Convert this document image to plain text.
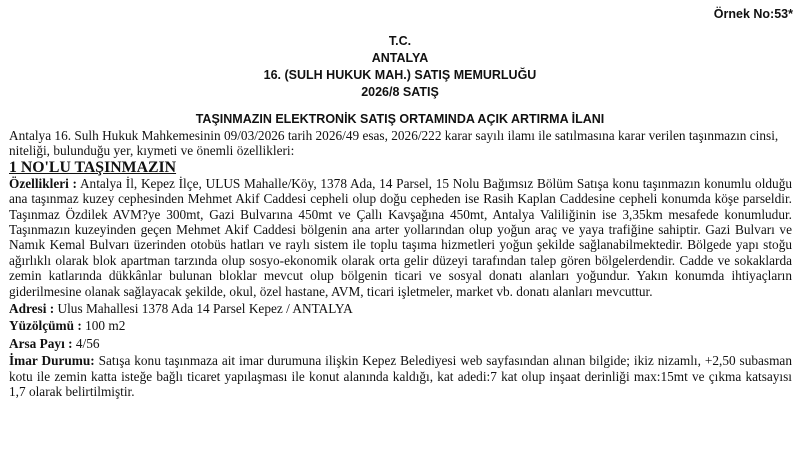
Örnek No:53*
T.C.
ANTALYA
16. (SULH HUKUK MAH.) SATIŞ MEMURLUĞU
2026/8 SATIŞ
TAŞINMAZIN ELEKTRONİK SATIŞ ORTAMINDA AÇIK ARTIRMA İLANI

Antalya 16. Sulh Hukuk Mahkemesinin 09/03/2026 tarih 2026/49 esas, 2026/222 karar sayılı ilamı ile satılmasına karar verilen taşınmazın cinsi, niteliği, bulunduğu yer, kıymeti ve önemli özellikleri:

1 NO'LU TAŞINMAZIN

Özellikleri : Antalya İl, Kepez İlçe, ULUS Mahalle/Köy, 1378 Ada, 14 Parsel, 15 Nolu Bağımsız Bölüm Satışa konu taşınmazın konumlu olduğu ana taşınmaz kuzey cephesinden Mehmet Akif Caddesi cepheli olup doğu cepheden ise Rasih Kaplan Caddesine cepheli konumda köşe parseldir. Taşınmaz Özdilek AVM?ye 300mt, Gazi Bulvarına 450mt ve Çallı Kavşağına 450mt, Antalya Valiliğinin ise 3,35km mesafede konumludur. Taşınmazın kuzeyinden geçen Mehmet Akif Caddesi bölgenin ana arter yollarından olup yoğun araç ve yaya trafiğine sahiptir. Gazi Bulvarı ve Namık Kemal Bulvarı üzerinden otobüs hatları ve raylı sistem ile toplu taşıma hizmetleri yoğun şekilde sağlanabilmektedir. Bölgede yapı stoğu ağırlıklı olarak blok apartman tarzında olup sosyo-ekonomik olarak orta gelir düzeyi tarafından talep gören bölgelerdendir. Cadde ve sokaklarda zemin katlarında dükkânlar bulunan bloklar mevcut olup bölgenin ticari ve sosyal donatı alanları yoğundur. Yakın konumda ihtiyaçların giderilmesine olanak sağlayacak şekilde, okul, özel hastane, AVM, ticari işletmeler, market vb. donatı alanları mevcuttur.

Adresi : Ulus Mahallesi 1378 Ada 14 Parsel Kepez / ANTALYA

Yüzölçümü : 100 m2

Arsa Payı : 4/56

İmar Durumu: Satışa konu taşınmaza ait imar durumuna ilişkin Kepez Belediyesi web sayfasından alınan bilgide; ikiz nizamlı, +2,50 subasman kotu ile zemin katta isteğe bağlı ticaret yapılaşması ile konut alanında kaldığı, kat adedi:7 kat olup inşaat derinliği max:15mt ve çıkma katsayısı 1,7 olarak belirtilmiştir.
